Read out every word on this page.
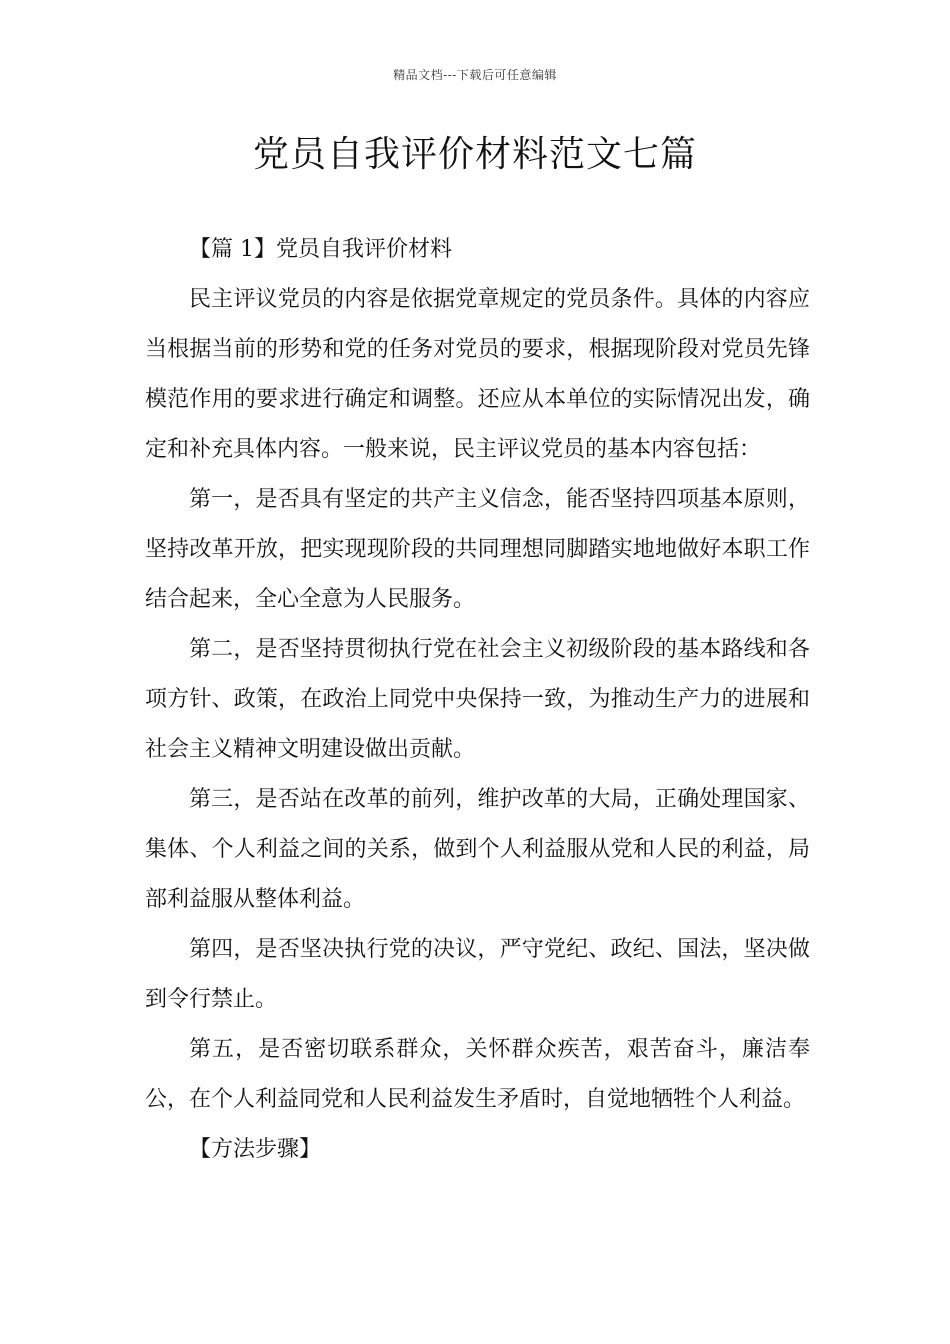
精品文档---下载后可任意编辑
党员自我评价材料范文七篇

【篇 1】党员自我评价材料

民主评议党员的内容是依据党章规定的党员条件。具体的内容应当根据当前的形势和党的任务对党员的要求，根据现阶段对党员先锋模范作用的要求进行确定和调整。还应从本单位的实际情况出发，确定和补充具体内容。一般来说，民主评议党员的基本内容包括：

第一，是否具有坚定的共产主义信念，能否坚持四项基本原则，坚持改革开放，把实现现阶段的共同理想同脚踏实地地做好本职工作结合起来，全心全意为人民服务。

第二，是否坚持贯彻执行党在社会主义初级阶段的基本路线和各项方针、政策，在政治上同党中央保持一致，为推动生产力的进展和社会主义精神文明建设做出贡献。

第三，是否站在改革的前列，维护改革的大局，正确处理国家、集体、个人利益之间的关系，做到个人利益服从党和人民的利益，局部利益服从整体利益。

第四，是否坚决执行党的决议，严守党纪、政纪、国法，坚决做到令行禁止。

第五，是否密切联系群众，关怀群众疾苦，艰苦奋斗，廉洁奉公，在个人利益同党和人民利益发生矛盾时，自觉地牺牲个人利益。

【方法步骤】
